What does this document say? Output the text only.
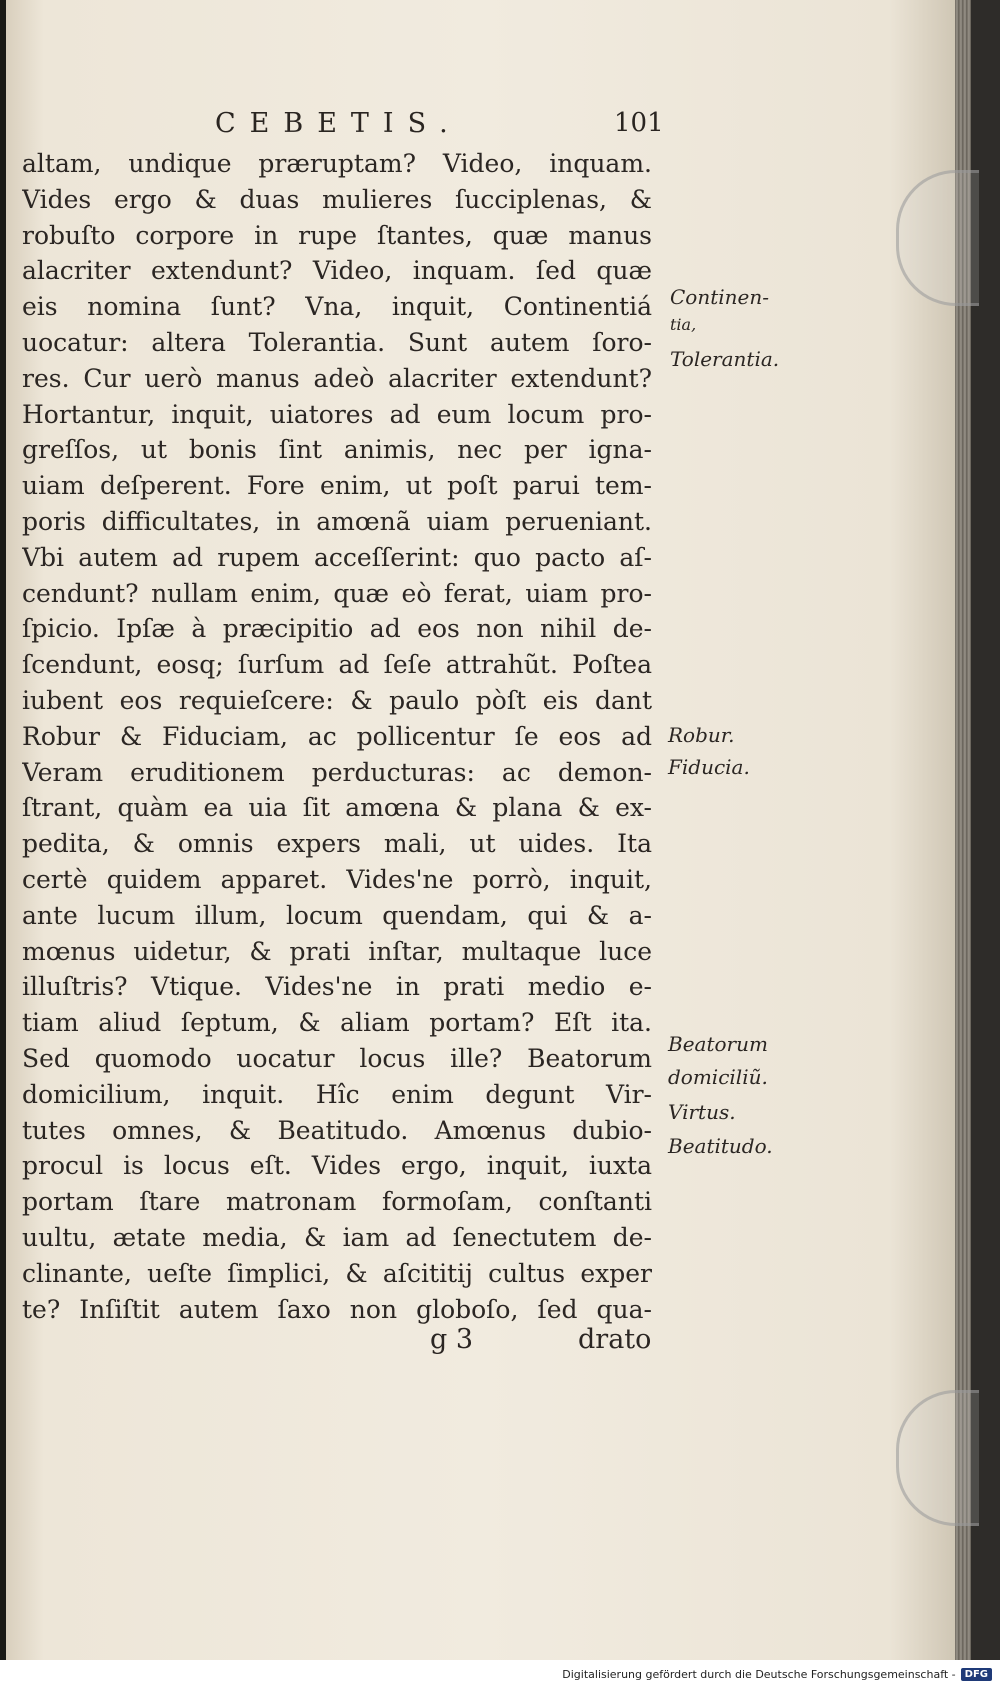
CEBETIS.	101
altam, undique præruptam? Video, inquam.
Vides ergo & duas mulieres ſucciplenas, &
robuſto corpore in rupe ſtantes, quæ manus
alacriter extendunt? Video, inquam. ſed quæ
eis nomina ſunt? Vna, inquit, Continentiá
uocatur: altera Tolerantia. Sunt autem ſoro-
res. Cur uerò manus adeò alacriter extendunt?
Hortantur, inquit, uiatores ad eum locum pro-
greſſos, ut bonis ſint animis, nec per igna-
uiam deſperent. Fore enim, ut poſt parui tem-
poris difficultates, in amœnã uiam perueniant.
Vbi autem ad rupem acceſſerint: quo pacto aſ-
cendunt? nullam enim, quæ eò ferat, uiam pro-
ſpicio. Ipſæ à præcipitio ad eos non nihil de-
ſcendunt, eosq; ſurſum ad ſeſe attrahũt. Poſtea
iubent eos requieſcere: & paulo pòſt eis dant
Robur & Fiduciam, ac pollicentur ſe eos ad
Veram eruditionem perducturas: ac demon-
ſtrant, quàm ea uia ſit amœna & plana & ex-
pedita, & omnis expers mali, ut uides. Ita
certè quidem apparet. Vides'ne porrò, inquit,
ante lucum illum, locum quendam, qui & a-
mœnus uidetur, & prati inſtar, multaque luce
illuſtris? Vtique. Vides'ne in prati medio e-
tiam aliud ſeptum, & aliam portam? Eſt ita.
Sed quomodo uocatur locus ille? Beatorum
domicilium, inquit. Hîc enim degunt Vir-
tutes omnes, & Beatitudo. Amœnus dubio-
procul is locus eſt. Vides ergo, inquit, iuxta
portam ſtare matronam formoſam, conſtanti
uultu, ætate media, & iam ad ſenectutem de-
clinante, ueſte ſimplici, & aſcititij cultus exper
te? Inſiſtit autem ſaxo non globoſo, ſed qua-
Continen-
tia,
Tolerantia.
Robur.
Fiducia.
Beatorum
domiciliũ.
Virtus.
Beatitudo.
g 3	drato
Digitalisierung gefördert durch die Deutsche Forschungsgemeinschaft - DFG
